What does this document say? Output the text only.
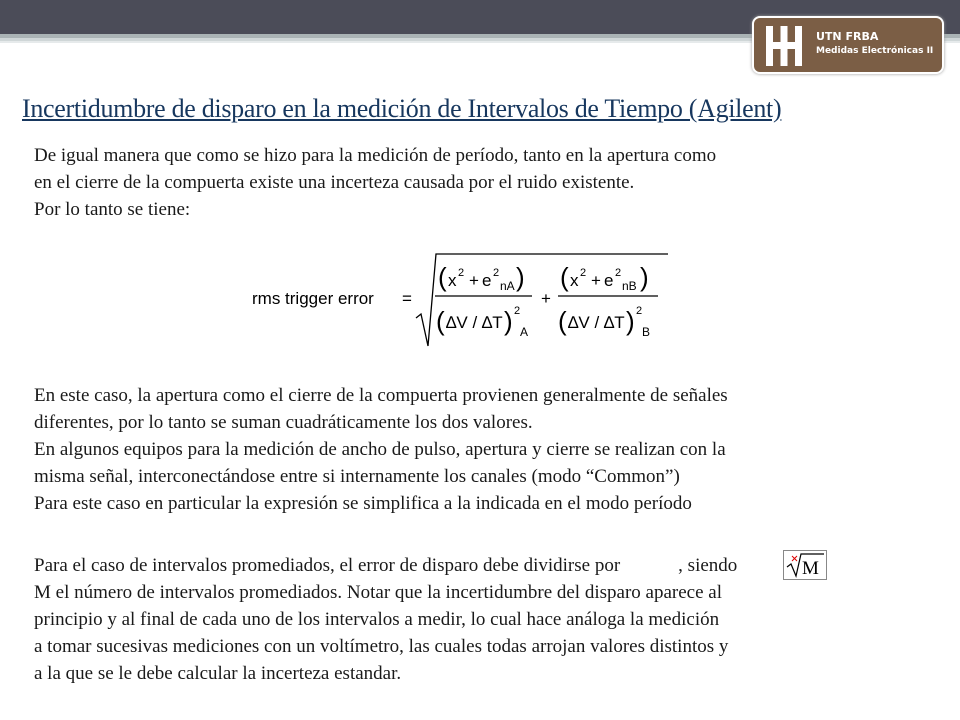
UTN FRBA
Medidas Electrónicas II
Incertidumbre de disparo en la medición de Intervalos de Tiempo (Agilent)

De igual manera que como se hizo para la medición de período, tanto en la apertura como

en el cierre de la compuerta existe una incerteza causada por el ruido existente.

Por lo tanto se tiene:

rms trigger error =
( x 2 + e 2
nA )
( ∆V / ∆T ) 2
A
+
( x 2 + e 2
nB )
( ∆V / ∆T ) 2
B

En este caso, la apertura como el cierre de la compuerta provienen generalmente de señales

diferentes, por lo tanto se suman cuadráticamente los dos valores.

En algunos equipos para la medición de ancho de pulso, apertura y cierre se realizan con la

misma señal, interconectándose entre si internamente los canales (modo “Common”)

Para este caso en particular la expresión se simplifica a la indicada en el modo período

Para el caso de intervalos promediados, el error de disparo debe dividirse por	, siendo

M el número de intervalos promediados. Notar que la incertidumbre del disparo aparece al

principio y al final de cada uno de los intervalos a medir, lo cual hace análoga la medición

a tomar sucesivas mediciones con un voltímetro, las cuales todas arrojan valores distintos y

a la que se le debe calcular la incerteza estandar.

M
